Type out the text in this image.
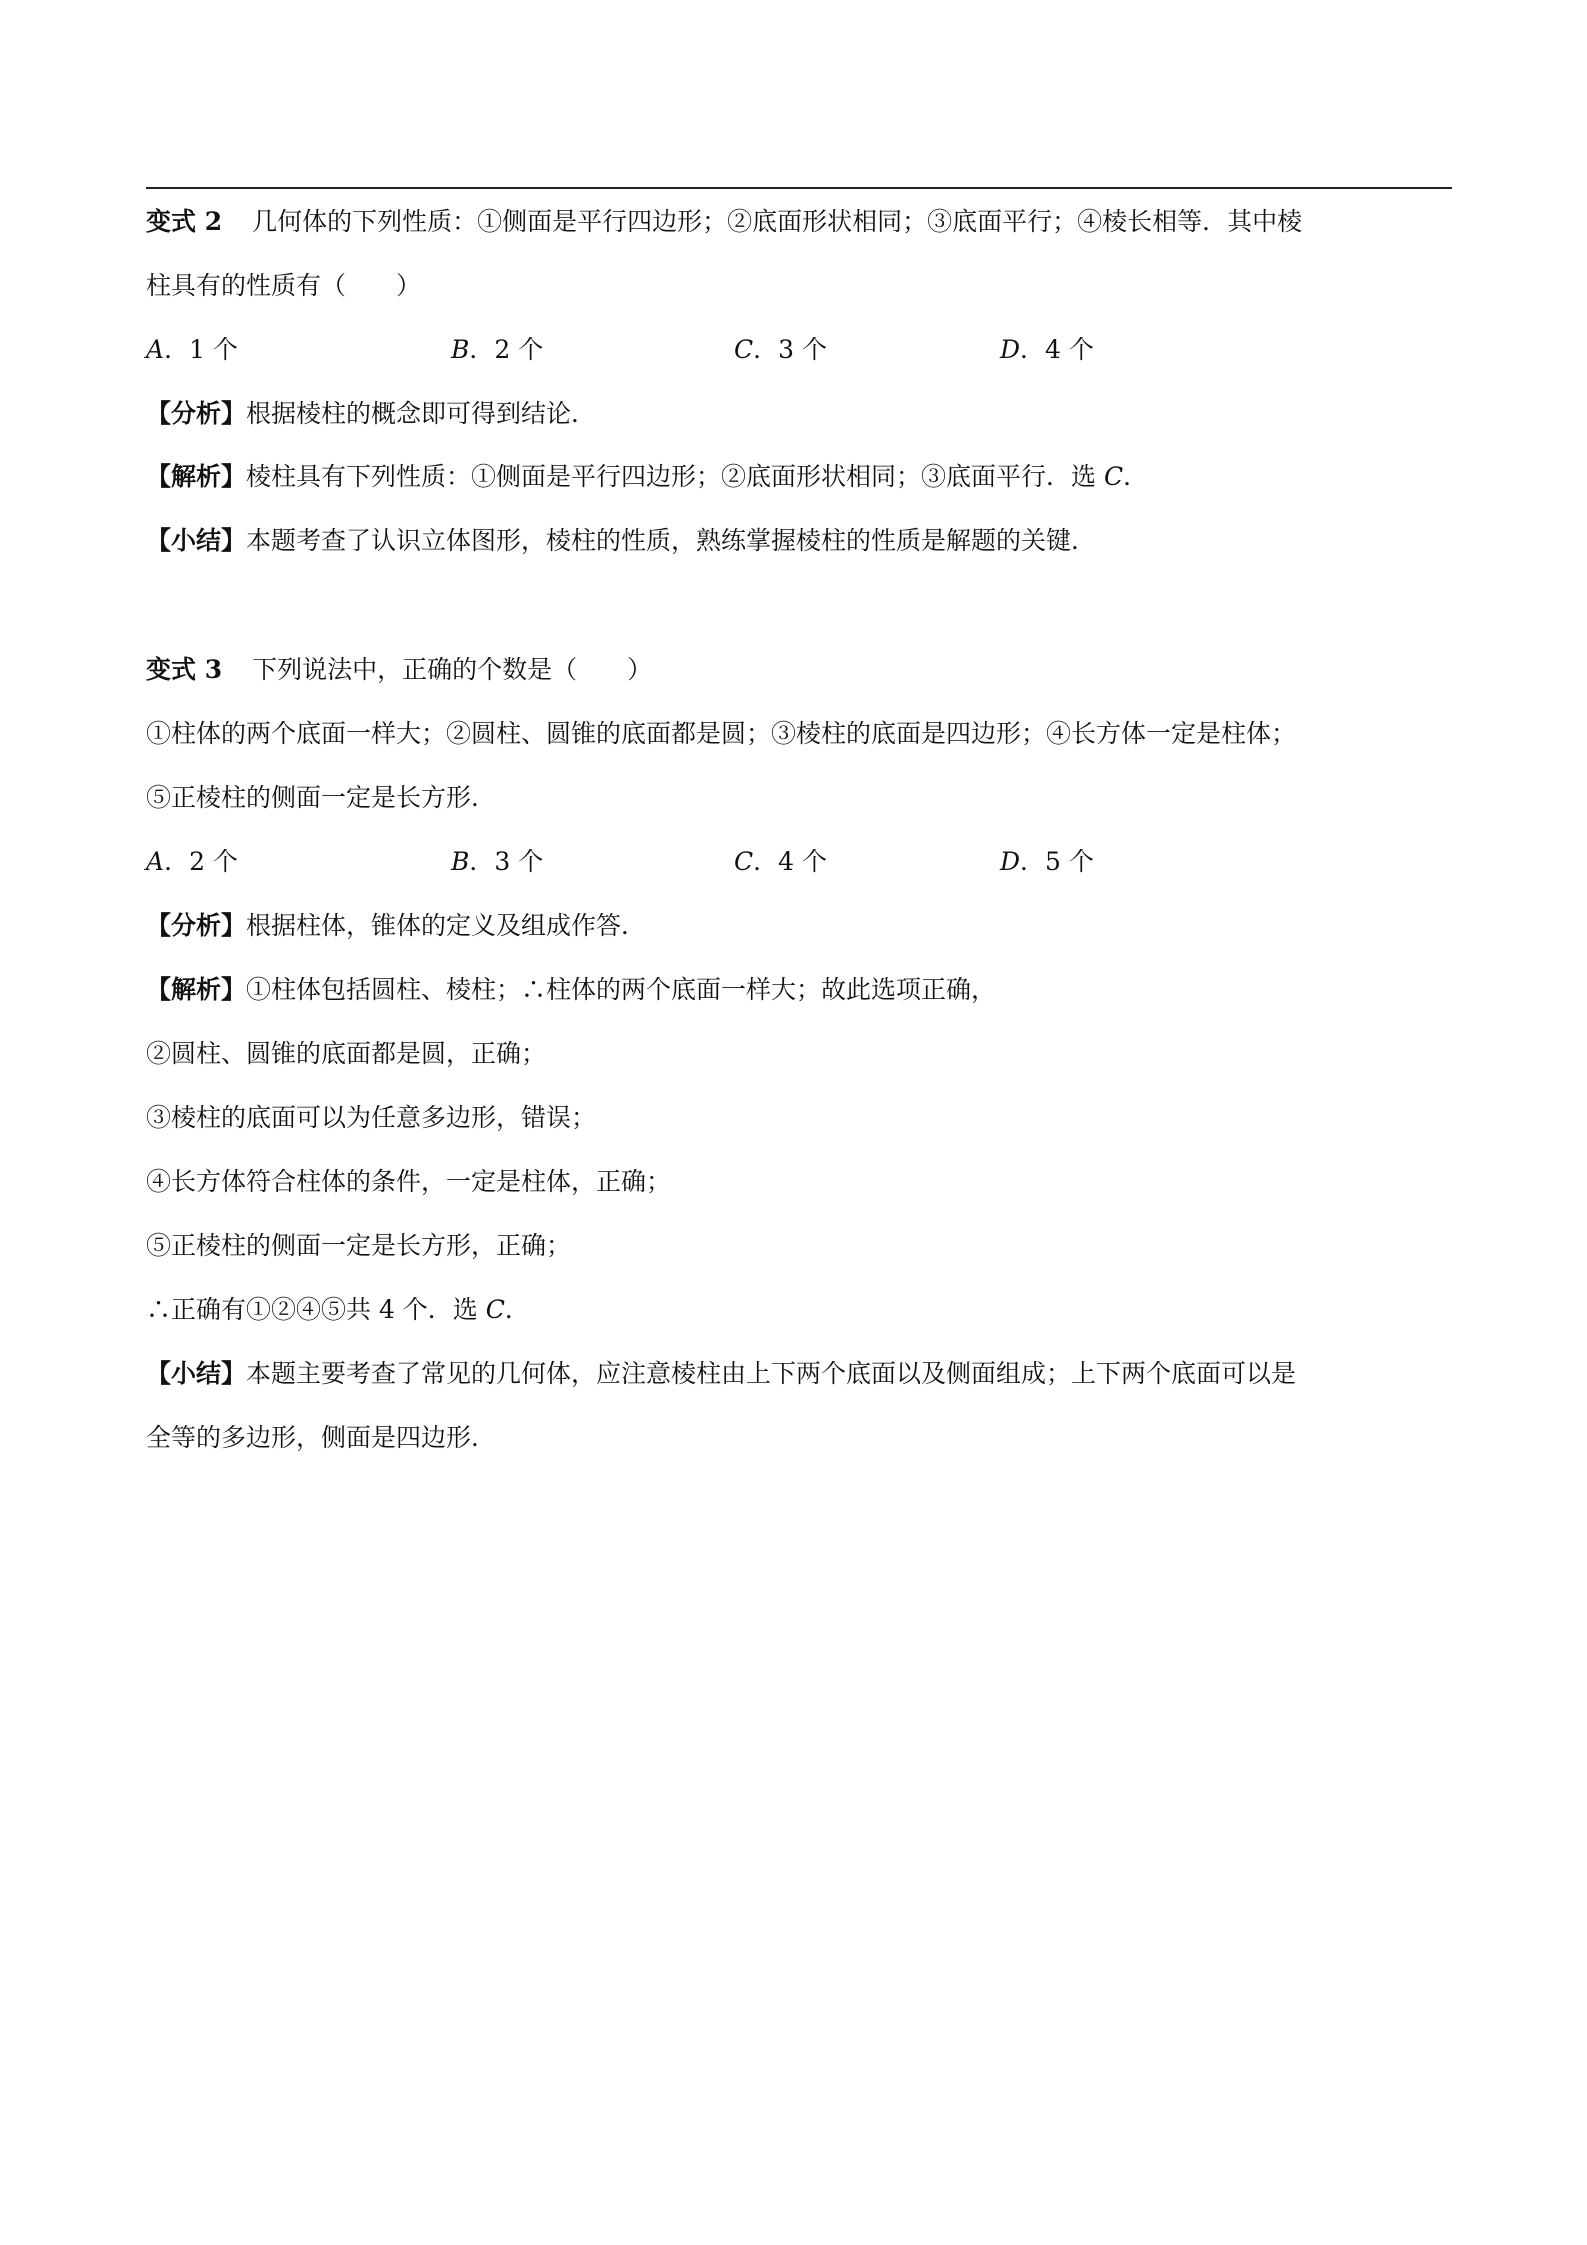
变式 2 几何体的下列性质：①侧面是平行四边形；②底面形状相同；③底面平行；④棱长相等．其中棱
柱具有的性质有（　　）
A．1 个	B．2 个	C．3 个	D．4 个
【分析】根据棱柱的概念即可得到结论．
【解析】棱柱具有下列性质：①侧面是平行四边形；②底面形状相同；③底面平行．选 C．
【小结】本题考查了认识立体图形，棱柱的性质，熟练掌握棱柱的性质是解题的关键．
变式 3 下列说法中，正确的个数是（　　）
①柱体的两个底面一样大；②圆柱、圆锥的底面都是圆；③棱柱的底面是四边形；④长方体一定是柱体；
⑤正棱柱的侧面一定是长方形．
A．2 个	B．3 个	C．4 个	D．5 个
【分析】根据柱体，锥体的定义及组成作答．
【解析】①柱体包括圆柱、棱柱；∴柱体的两个底面一样大；故此选项正确，
②圆柱、圆锥的底面都是圆，正确；
③棱柱的底面可以为任意多边形，错误；
④长方体符合柱体的条件，一定是柱体，正确；
⑤正棱柱的侧面一定是长方形，正确；
∴正确有①②④⑤共 4 个．选 C．
【小结】本题主要考查了常见的几何体，应注意棱柱由上下两个底面以及侧面组成；上下两个底面可以是
全等的多边形，侧面是四边形．
